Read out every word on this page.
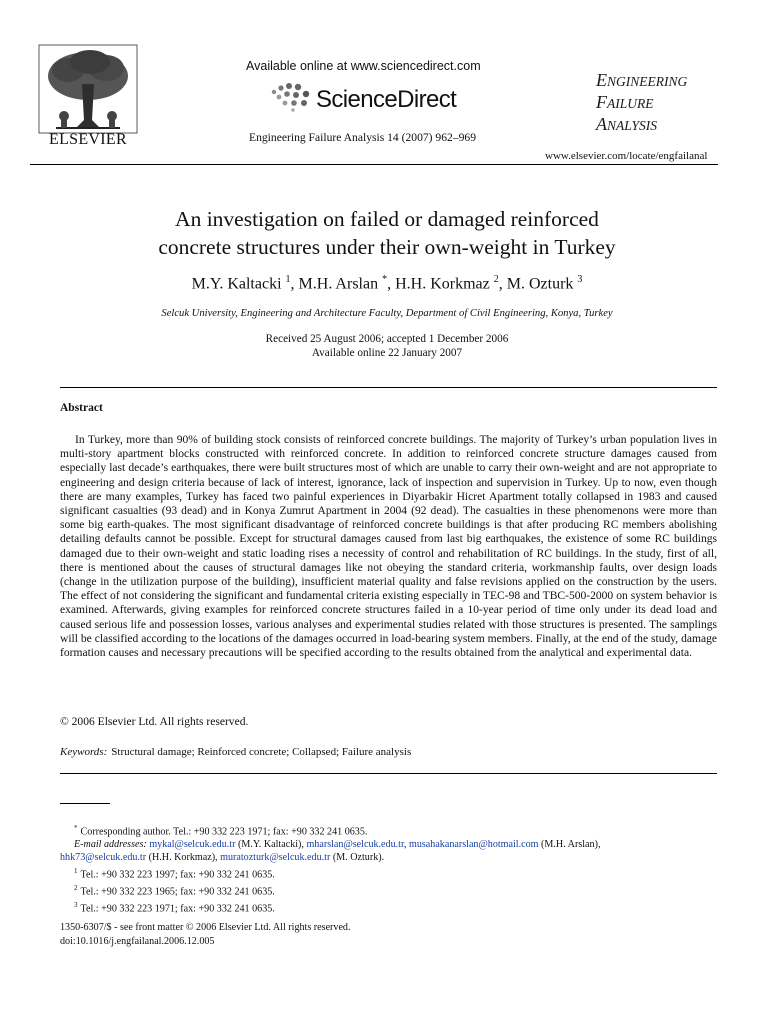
ELSEVIER
Available online at www.sciencedirect.com
ScienceDirect
Engineering Failure Analysis 14 (2007) 962–969
ENGINEERING
FAILURE
ANALYSIS
www.elsevier.com/locate/engfailanal
An investigation on failed or damaged reinforced
concrete structures under their own-weight in Turkey
M.Y. Kaltacki $^1$, M.H. Arslan *, H.H. Korkmaz $^2$, M. Ozturk $^3$
Selcuk University, Engineering and Architecture Faculty, Department of Civil Engineering, Konya, Turkey
Received 25 August 2006; accepted 1 December 2006
Available online 22 January 2007
Abstract

In Turkey, more than 90% of building stock consists of reinforced concrete buildings. The majority of Turkey’s urban population lives in multi-story apartment blocks constructed with reinforced concrete. In addition to reinforced concrete structure damages caused from especially last decade’s earthquakes, there were built structures most of which are unable to carry their own-weight and are not appropriate to engineering and design criteria because of lack of interest, ignorance, lack of inspection and supervision in Turkey. Up to now, even though there are many examples, Turkey has faced two painful experiences in Diyarbakir Hicret Apartment totally collapsed in 1983 and caused significant casualties (93 dead) and in Konya Zumrut Apartment in 2004 (92 dead). The casualties in these phenomenons were more than some big earth-quakes. The most significant disadvantage of reinforced concrete buildings is that after producing RC members abolishing detailing defaults cannot be possible. Except for structural damages caused from last big earthquakes, the existence of some RC buildings damaged due to their own-weight and static loading rises a necessity of control and rehabilitation of RC buildings. In the study, first of all, there is mentioned about the causes of structural damages like not obeying the standard criteria, workmanship faults, over design loads (change in the utilization purpose of the building), insufficient material quality and false revisions applied on the construction by the users. The effect of not considering the significant and fundamental criteria existing especially in TEC-98 and TBC-500-2000 on system behavior is examined. Afterwards, giving examples for reinforced concrete structures failed in a 10-year period of time only under its dead load and caused serious life and possession losses, various analyses and experimental studies related with those structures is presented. The samplings will be classified according to the locations of the damages occurred in load-bearing system members. Finally, at the end of the study, damage formation causes and necessary precautions will be specified according to the results obtained from the analytical and experimental data.

© 2006 Elsevier Ltd. All rights reserved.
Keywords: Structural damage; Reinforced concrete; Collapsed; Failure analysis
* Corresponding author. Tel.: +90 332 223 1971; fax: +90 332 241 0635.
E-mail addresses: mykal@selcuk.edu.tr (M.Y. Kaltacki), mharslan@selcuk.edu.tr, musahakanarslan@hotmail.com (M.H. Arslan),
hhk73@selcuk.edu.tr (H.H. Korkmaz), muratozturk@selcuk.edu.tr (M. Ozturk).
$^1$ Tel.: +90 332 223 1997; fax: +90 332 241 0635.
$^2$ Tel.: +90 332 223 1965; fax: +90 332 241 0635.
$^3$ Tel.: +90 332 223 1971; fax: +90 332 241 0635.
1350-6307/$ - see front matter © 2006 Elsevier Ltd. All rights reserved.
doi:10.1016/j.engfailanal.2006.12.005
